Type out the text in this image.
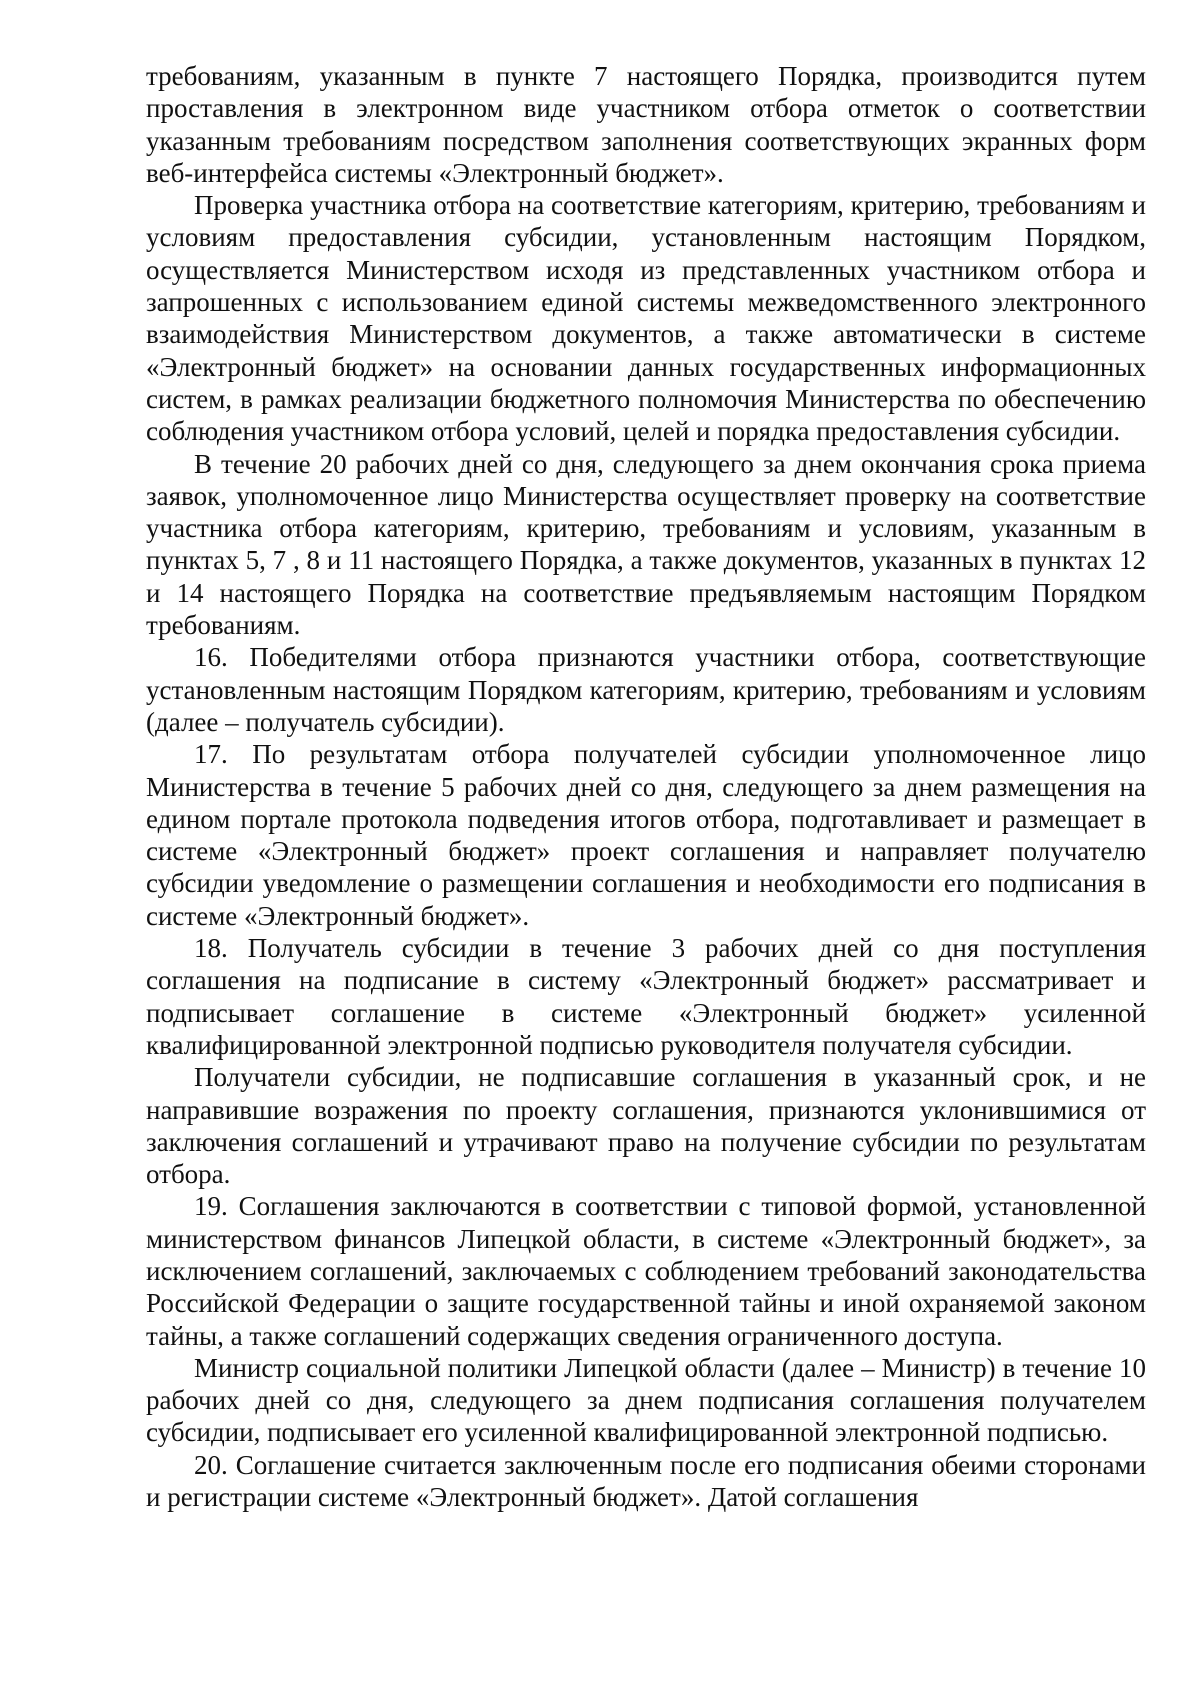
требованиям, указанным в пункте 7 настоящего Порядка, производится путем проставления в электронном виде участником отбора отметок о соответствии указанным требованиям посредством заполнения соответствующих экранных форм веб-интерфейса системы «Электронный бюджет».

Проверка участника отбора на соответствие категориям, критерию, требованиям и условиям предоставления субсидии, установленным настоящим Порядком, осуществляется Министерством исходя из представленных участником отбора и запрошенных с использованием единой системы межведомственного электронного взаимодействия Министерством документов, а также автоматически в системе «Электронный бюджет» на основании данных государственных информационных систем, в рамках реализации бюджетного полномочия Министерства по обеспечению соблюдения участником отбора условий, целей и порядка предоставления субсидии.

В течение 20 рабочих дней со дня, следующего за днем окончания срока приема заявок, уполномоченное лицо Министерства осуществляет проверку на соответствие участника отбора категориям, критерию, требованиям и условиям, указанным в пунктах 5, 7 , 8 и 11 настоящего Порядка, а также документов, указанных в пунктах 12 и 14 настоящего Порядка на соответствие предъявляемым настоящим Порядком требованиям.

16. Победителями отбора признаются участники отбора, соответствующие установленным настоящим Порядком категориям, критерию, требованиям и условиям (далее – получатель субсидии).

17. По результатам отбора получателей субсидии уполномоченное лицо Министерства в течение 5 рабочих дней со дня, следующего за днем размещения на едином портале протокола подведения итогов отбора, подготавливает и размещает в системе «Электронный бюджет» проект соглашения и направляет получателю субсидии уведомление о размещении соглашения и необходимости его подписания в системе «Электронный бюджет».

18. Получатель субсидии в течение 3 рабочих дней со дня поступления соглашения на подписание в систему «Электронный бюджет» рассматривает и подписывает соглашение в системе «Электронный бюджет» усиленной квалифицированной электронной подписью руководителя получателя субсидии.

Получатели субсидии, не подписавшие соглашения в указанный срок, и не направившие возражения по проекту соглашения, признаются уклонившимися от заключения соглашений и утрачивают право на получение субсидии по результатам отбора.

19. Соглашения заключаются в соответствии с типовой формой, установленной министерством финансов Липецкой области, в системе «Электронный бюджет», за исключением соглашений, заключаемых с соблюдением требований законодательства Российской Федерации о защите государственной тайны и иной охраняемой законом тайны, а также соглашений содержащих сведения ограниченного доступа.

Министр социальной политики Липецкой области (далее – Министр) в течение 10 рабочих дней со дня, следующего за днем подписания соглашения получателем субсидии, подписывает его усиленной квалифицированной электронной подписью.

20. Соглашение считается заключенным после его подписания обеими сторонами и регистрации системе «Электронный бюджет». Датой соглашения
